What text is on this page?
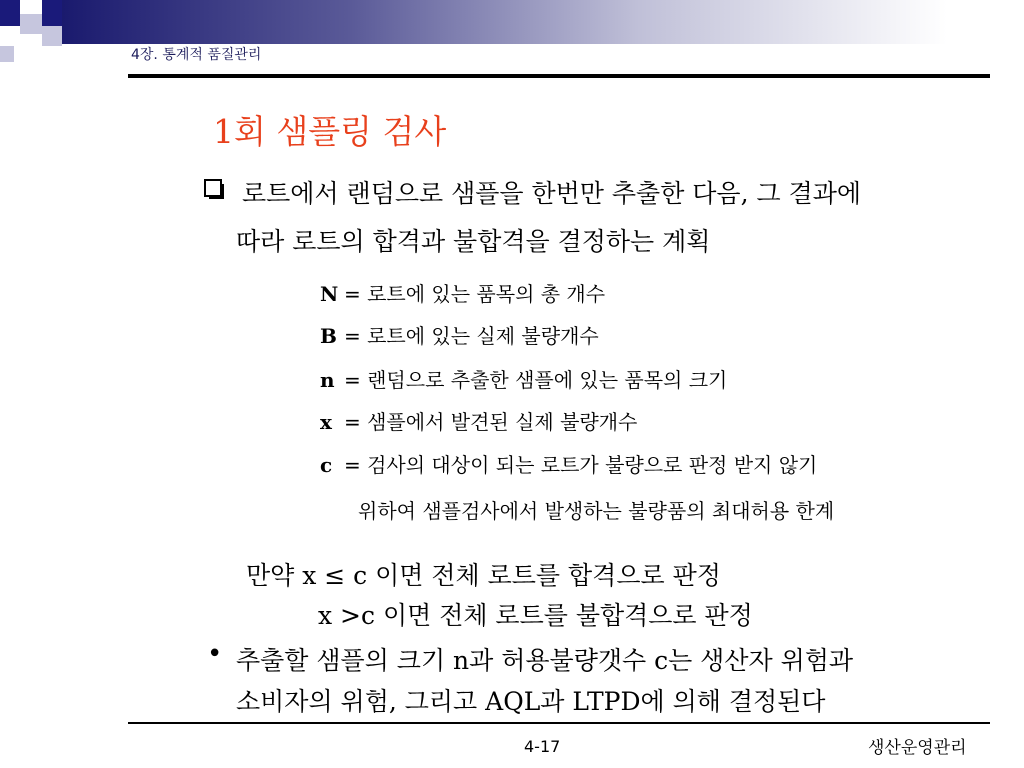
4장. 통계적 품질관리
1회 샘플링 검사
로트에서 랜덤으로 샘플을 한번만 추출한 다음, 그 결과에
따라 로트의 합격과 불합격을 결정하는 계획
N = 로트에 있는 품목의 총 개수
B = 로트에 있는 실제 불량개수
n = 랜덤으로 추출한 샘플에 있는 품목의 크기
x = 샘플에서 발견된 실제 불량개수
c = 검사의 대상이 되는 로트가 불량으로 판정 받지 않기
위하여 샘플검사에서 발생하는 불량품의 최대허용 한계
만약 x ≤ c 이면 전체 로트를 합격으로 판정
x >c 이면 전체 로트를 불합격으로 판정
• 추출할 샘플의 크기 n과 허용불량갯수 c는 생산자 위험과
소비자의 위험, 그리고 AQL과 LTPD에 의해 결정된다
4-17	생산운영관리
